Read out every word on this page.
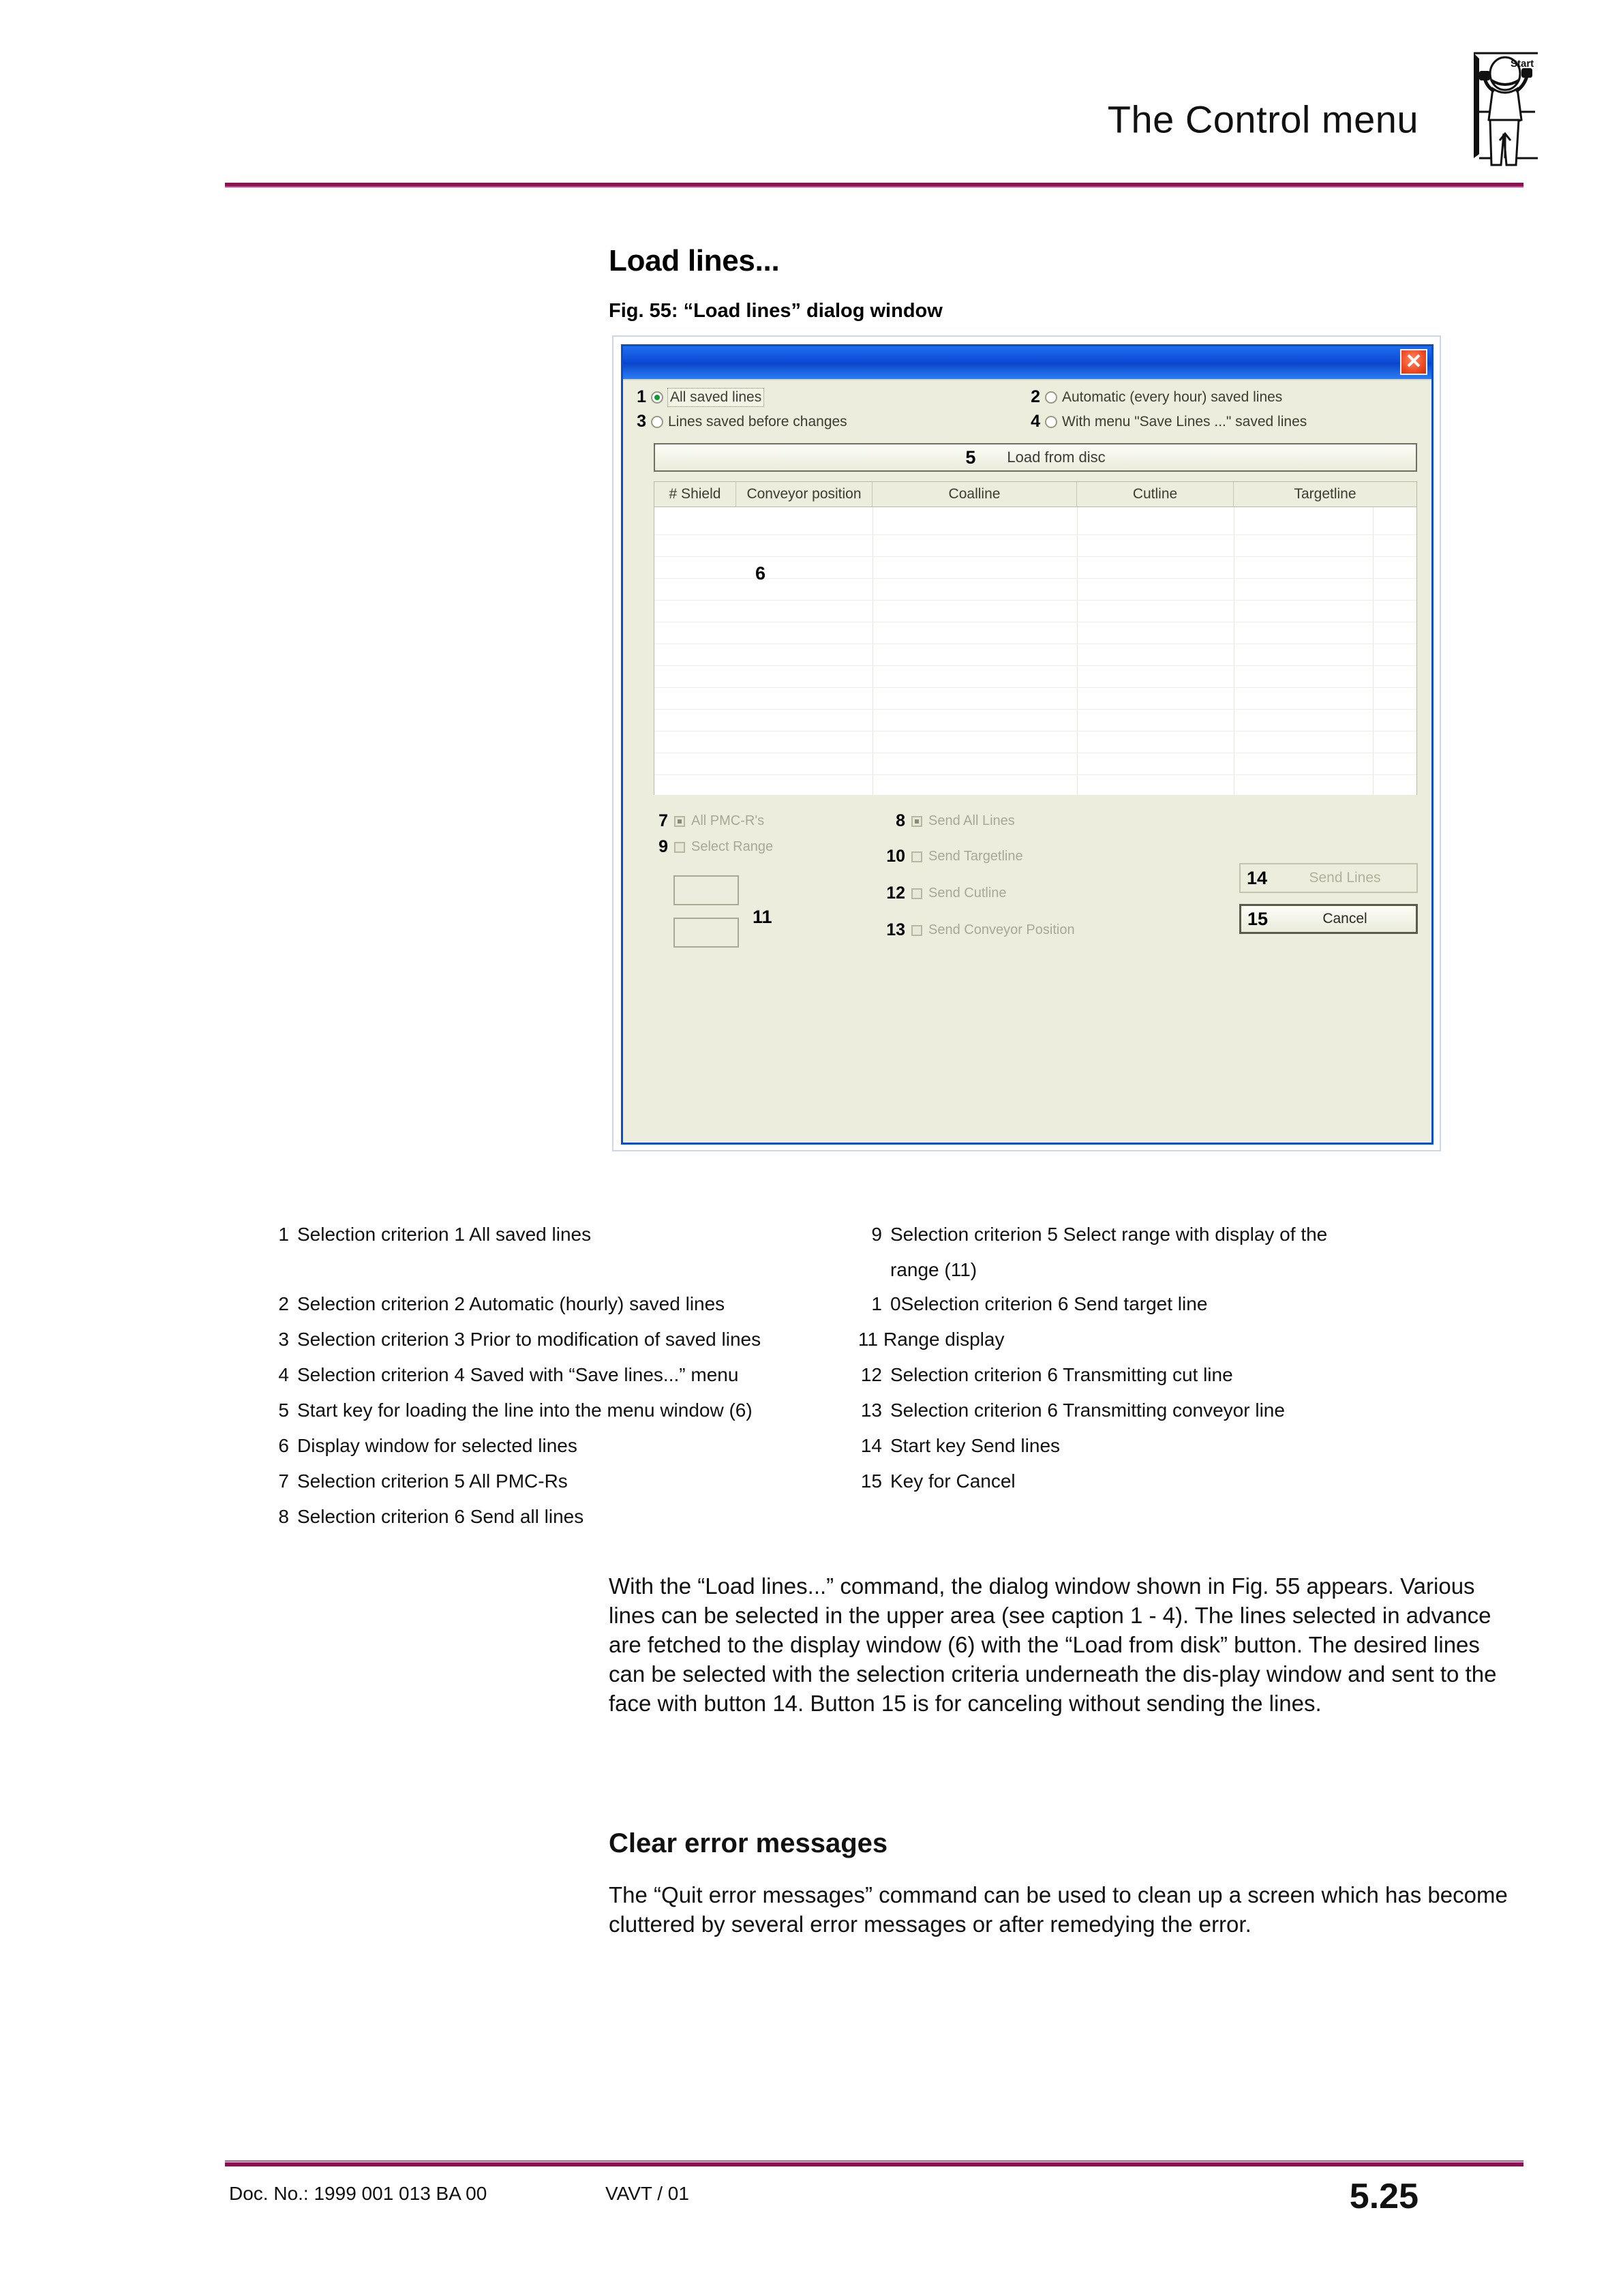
The Control menu
Start
Load lines...
Fig. 55: “Load lines” dialog window
✕
1 All saved lines	2 Automatic (every hour) saved lines
3 Lines saved before changes	4 With menu "Save Lines ..." saved lines
5 Load from disc
# Shield	Conveyor position	Coalline	Cutline	Targetline
6
7 All PMC-R's
9 Select Range
11
8 Send All Lines
10 Send Targetline
12 Send Cutline
13 Send Conveyor Position
14	Send Lines
15	Cancel
1 Selection criterion 1 All saved lines
2 Selection criterion 2 Automatic (hourly) saved lines
3 Selection criterion 3 Prior to modification of saved lines
4 Selection criterion 4 Saved with “Save lines...” menu
5 Start key for loading the line into the menu window (6)
6 Display window for selected lines
7 Selection criterion 5 All PMC-Rs
8 Selection criterion 6 Send all lines
9 Selection criterion 5 Select range with display of the
range (11)
1 0Selection criterion 6 Send target line
11 Range display
12 Selection criterion 6 Transmitting cut line
13 Selection criterion 6 Transmitting conveyor line
14 Start key Send lines
15 Key for Cancel

With the “Load lines...” command, the dialog window shown in Fig. 55 appears. Various lines can be selected in the upper area (see caption 1 - 4). The lines selected in advance are fetched to the display window (6) with the “Load from disk” button. The desired lines can be selected with the selection criteria underneath the dis-play window and sent to the face with button 14. Button 15 is for canceling without sending the lines.

Clear error messages

The “Quit error messages” command can be used to clean up a screen which has become cluttered by several error messages or after remedying the error.

Doc. No.: 1999 001 013 BA 00	VAVT / 01	5.25
